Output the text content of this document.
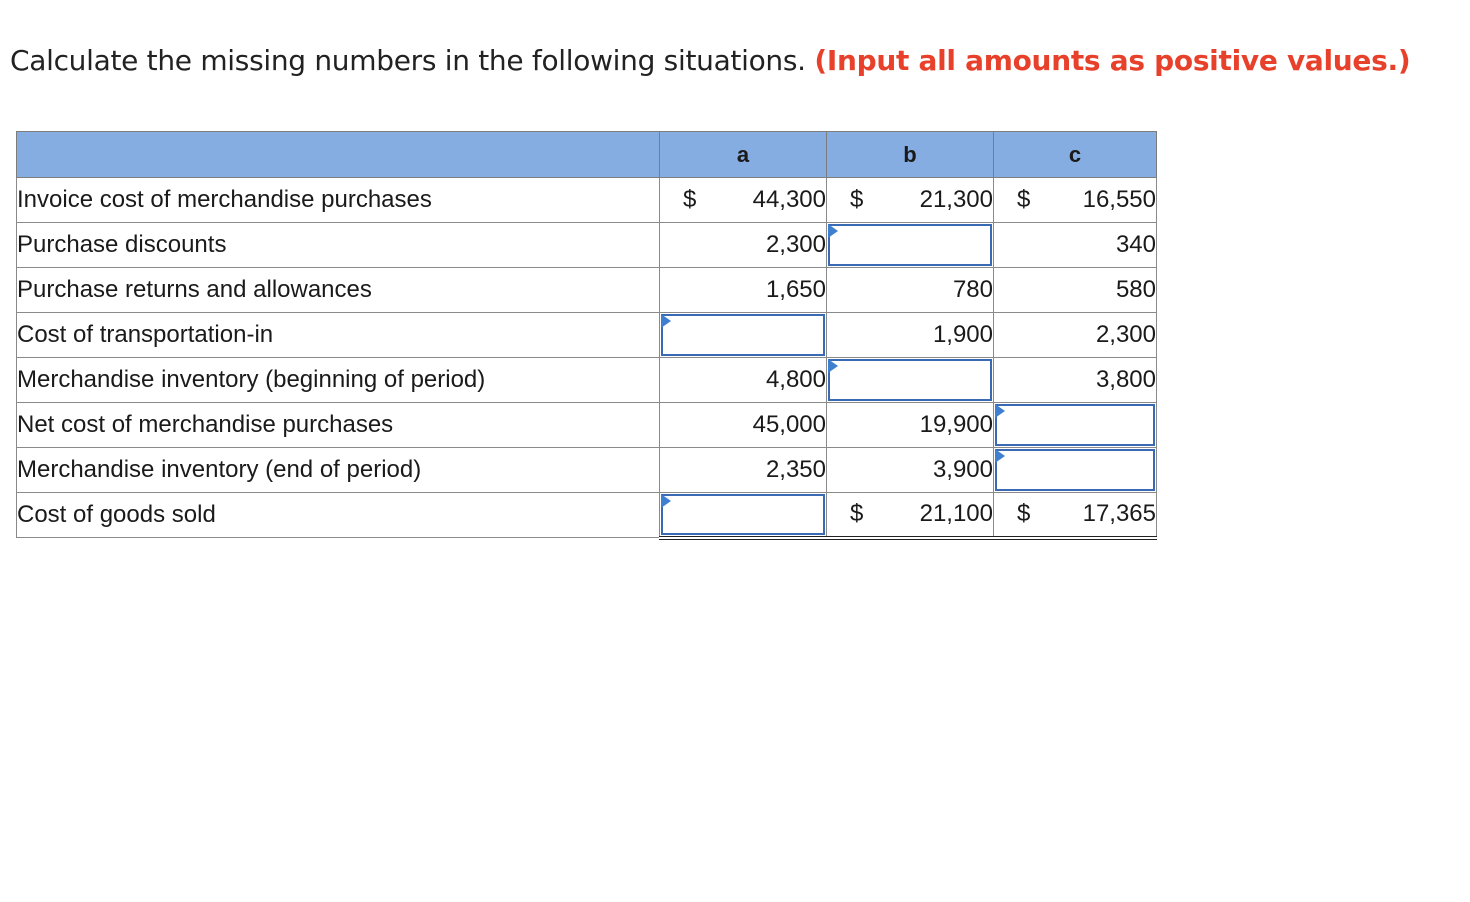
Calculate the missing numbers in the following situations. (Input all amounts as positive values.)
	a	b	c
Invoice cost of merchandise purchases	$ 44,300	$ 21,300	$ 16,550
Purchase discounts	2,300		340
Purchase returns and allowances	1,650	780	580
Cost of transportation-in		1,900	2,300
Merchandise inventory (beginning of period)	4,800		3,800
Net cost of merchandise purchases	45,000	19,900	

Merchandise inventory (end of period)	2,350	3,900	

Cost of goods sold		$ 21,100	$ 17,365
